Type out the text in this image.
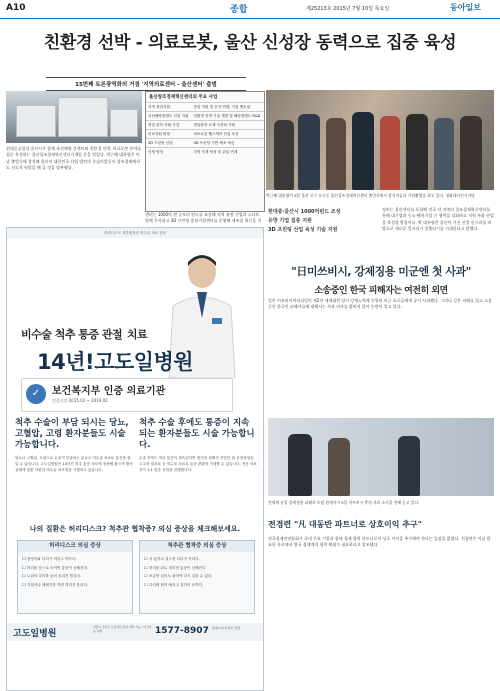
A10	종합	제25213호 2015년 7월 10일 목요일	동아일보
친환경 선박 - 의료로봇, 울산 신성장 동력으로 집중 육성
15번째 토론광역화의 거점 '지역의료센터 - 울산센터' 출범
울산창조경제혁신센터의 주요 사업
지역 창업지원	창업 지원 및 투자 연계, 기업 멘토링
조선해양플랜트 산업 지원	친환경 선박 기술 개발 및 해양플랜트 R&D
정밀 화학 지원 사업	정밀화학 소재 국산화 지원
의료자원 확장	의료로봇·헬스케어 산업 육성
3D 프린팅 산업	3D 프린팅 기반 제조 혁신
인재 양성	지역 인재 양성 및 취업 연계

현대중공업과 울산시가 함께 조선해양 플랜트와 친환경 선박, 의료로봇 분야를 집중 육성하는 울산창조경제혁신센터가 9일 문을 열었다. 박근혜 대통령은 이날 출범식에 참석해 울산이 대한민국 산업 발전의 중심이었듯이 창조경제에서도 선도적 역할을 해 줄 것을 당부했다.

센터는 1000억 원 규모의 펀드를 조성해 지역 유망 기업과 스타트업에 투자하고 3D 프린팅 종합지원센터를 운영해 제조업 혁신을 지

박근혜 대통령이 9일 울산 중구 유곡동 울산창조경제혁신센터 출범식에서 참석자들과 기념촬영을 하고 있다. 청와대사진기자단
현대중·울산시 1000억펀드 조성
유망 기업 집중 지원
3D 프린팅 산업 육성 기술 지원

정부는 울산센터를 포함해 전국 각 지역의 창조경제혁신센터를 통해 대기업과 중소·벤처기업 간 협력을 강화하고 지역 특화 산업을 육성할 방침이다. 박 대통령은 울산이 가진 산업 인프라를 바탕으로 새로운 일자리가 창출되기를 기대한다고 말했다.

허리디스크 척추협착증 비수술 치료 전문
비수술 척추 통증 관절 치료
14년!고도일병원
✓	보건복지부 인증 의료기관
인증기간 2015.02 ~ 2019.02
척추 수술이 부담 되시는 당뇨, 고혈압, 고령 환자분들도 시술 가능합니다.

당뇨나 고혈압, 고령으로 수술이 부담되는 분들도 비수술 치료로 통증을 줄일 수 있습니다. 고도일병원은 14년간 척추 통증 치료에 집중해 왔으며 환자 상태에 맞춘 다양한 비수술 치료법을 시행하고 있습니다.

척추 수술 후에도 통증이 지속되는 환자분들도 시술 가능합니다.

수술 후에도 허리 통증이 계속된다면 원인을 정확히 진단한 뒤 신경성형술, 고주파 열치료 등 비수술 치료로 통증 완화를 기대할 수 있습니다. 전문 의료진이 1:1 맞춤 상담을 진행합니다.

나의 질환은 허리디스크? 척추관 협착증? 의심 증상을 체크해보세요.
허리디스크 의심 증상
☐ 엉덩이와 다리가 저리고 아프다.
☐ 허리를 앞으로 숙이면 통증이 심해진다.
☐ 누워서 다리를 들어 올리기 힘들다.
☐ 기침이나 재채기를 하면 허리가 울린다.
척추관 협착증 의심 증상
☐ 서 있거나 걸으면 다리가 저리다.
☐ 허리를 뒤로 젖히면 통증이 심해진다.
☐ 조금만 걸어도 쉬어야 다시 걸을 수 있다.
☐ 다리에 힘이 빠지고 감각이 둔하다.
고도일병원
서울시 강남구 도산대로 상담·예약 가능 / 야간진료 시행	1577-8907 홈페이지 온라인 상담
"日미쓰비시, 강제징용 미군엔 첫 사과"
소송중인 한국 피해자는 여전히 외면

일본 미쓰비시머티리얼이 제2차 세계대전 당시 강제노역에 동원된 미군 포로들에게 공식 사과했다. 그러나 같은 피해를 입고 소송 중인 한국인 피해자들에 대해서는 사과 의사를 밝히지 않아 논란이 일고 있다.

전세계 유일 강제징용 피해자 모임 관계자가 9일 미쓰비시 측의 사과 소식을 전해 듣고 있다.
전경련 "凡 대동반 파트너로 상호이익 추구"

전국경제인연합회가 국내 주요 기업과 함께 경제 협력 파트너로서 상호 이익을 추구해야 한다는 입장을 밝혔다. 전경련은 이날 발표한 자료에서 양국 경제계의 협력 확대가 필요하다고 강조했다.
